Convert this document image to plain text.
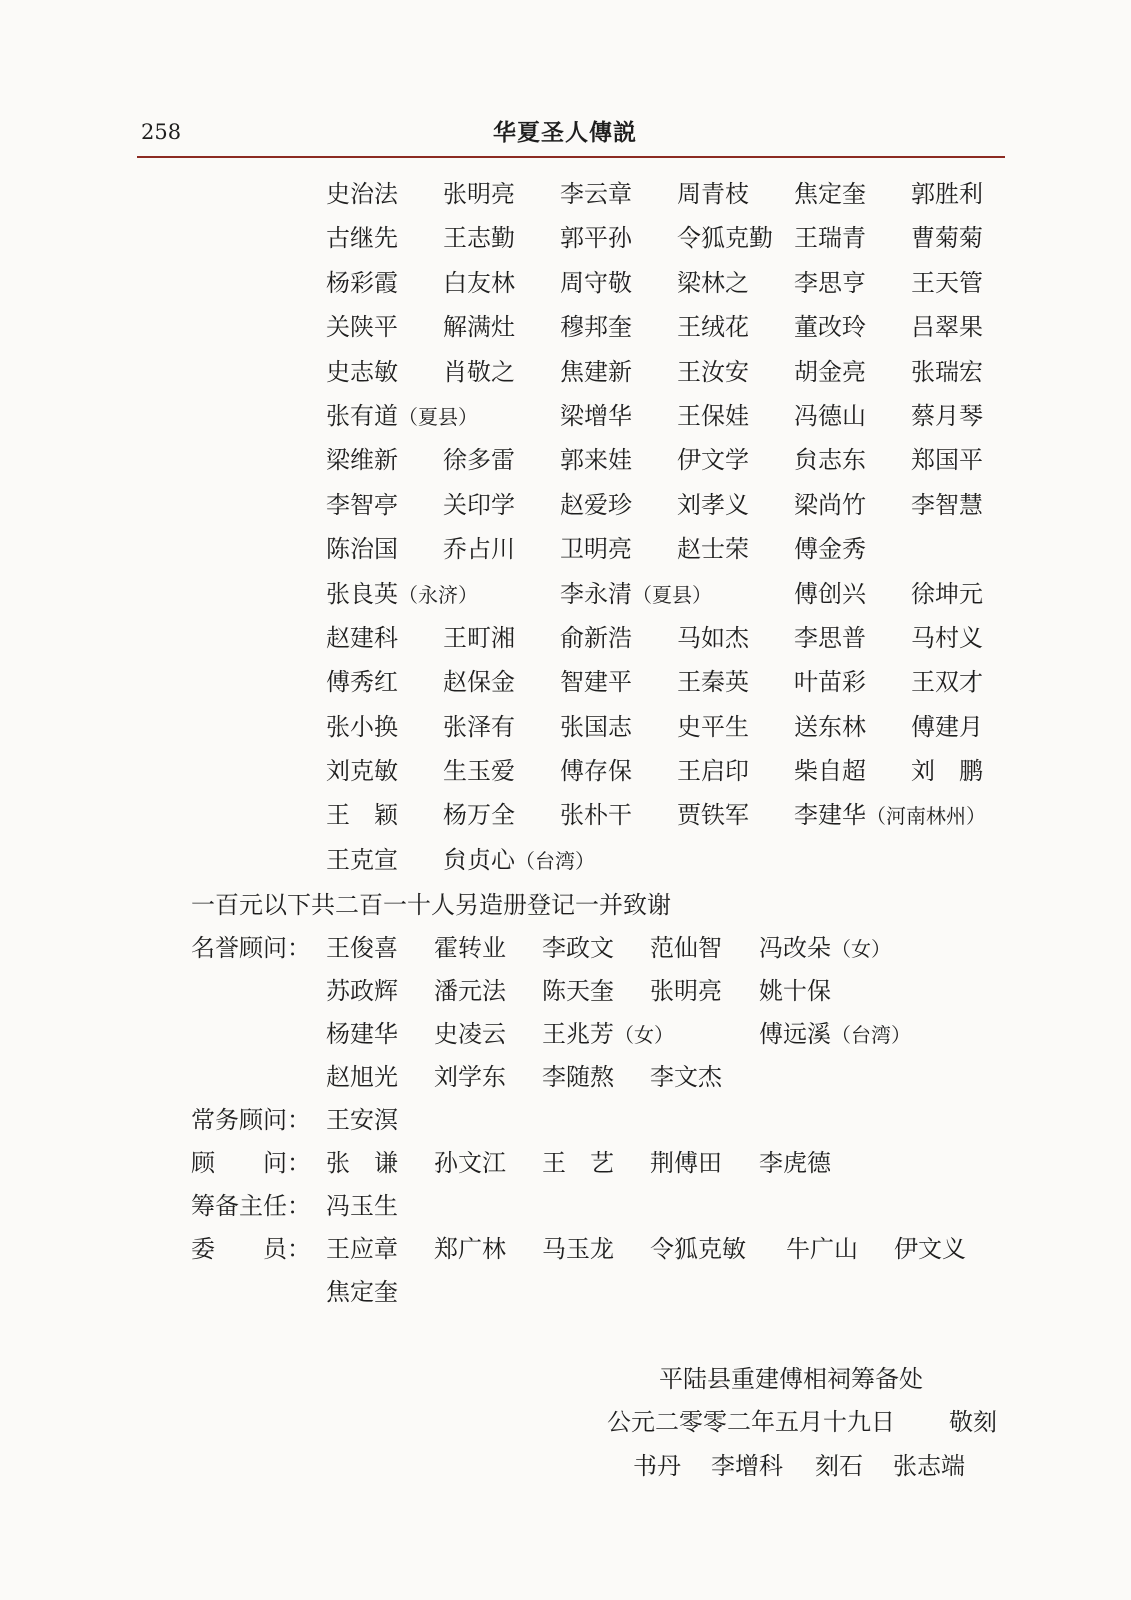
258	华夏圣人傳説
史治法 张明亮 李云章 周青枝 焦定奎 郭胜利
古继先 王志勤 郭平孙 令狐克勤 王瑞青 曹菊菊
杨彩霞 白友林 周守敬 梁林之 李思亨 王天管
关陕平 解满灶 穆邦奎 王绒花 董改玲 吕翠果
史志敏 肖敬之 焦建新 王汝安 胡金亮 张瑞宏
张有道（夏县）	梁增华 王保娃 冯德山 蔡月琴
梁维新 徐多雷 郭来娃 伊文学 贠志东 郑国平
李智亭 关印学 赵爱珍 刘孝义 梁尚竹 李智慧
陈治国 乔占川 卫明亮 赵士荣 傅金秀
张良英（永济）	李永清（夏县）	傅创兴 徐坤元
赵建科 王町湘 俞新浩 马如杰 李思普 马村义
傅秀红 赵保金 智建平 王秦英 叶苗彩 王双才
张小换 张泽有 张国志 史平生 送东林 傅建月
刘克敏 生玉爱 傅存保 王启印 柴自超 刘　鹏
王　颖 杨万全 张朴干 贾铁军 李建华（河南林州）
王克宣 贠贞心（台湾）
一百元以下共二百一十人另造册登记一并致谢
名誉顾问： 王俊喜 霍转业 李政文 范仙智 冯改朵（女）
苏政辉 潘元法 陈天奎 张明亮 姚十保
杨建华 史凌云 王兆芳（女）	傅远溪（台湾）
赵旭光 刘学东 李随熬 李文杰
常务顾问： 王安溟
顾　　问： 张　谦 孙文江 王　艺 荆傅田 李虎德
筹备主任： 冯玉生
委　　员： 王应章 郑广林 马玉龙 令狐克敏 牛广山 伊文义
焦定奎
平陆县重建傅相祠筹备处
公元二零零二年五月十九日 敬刻
书丹 李增科 刻石 张志端
